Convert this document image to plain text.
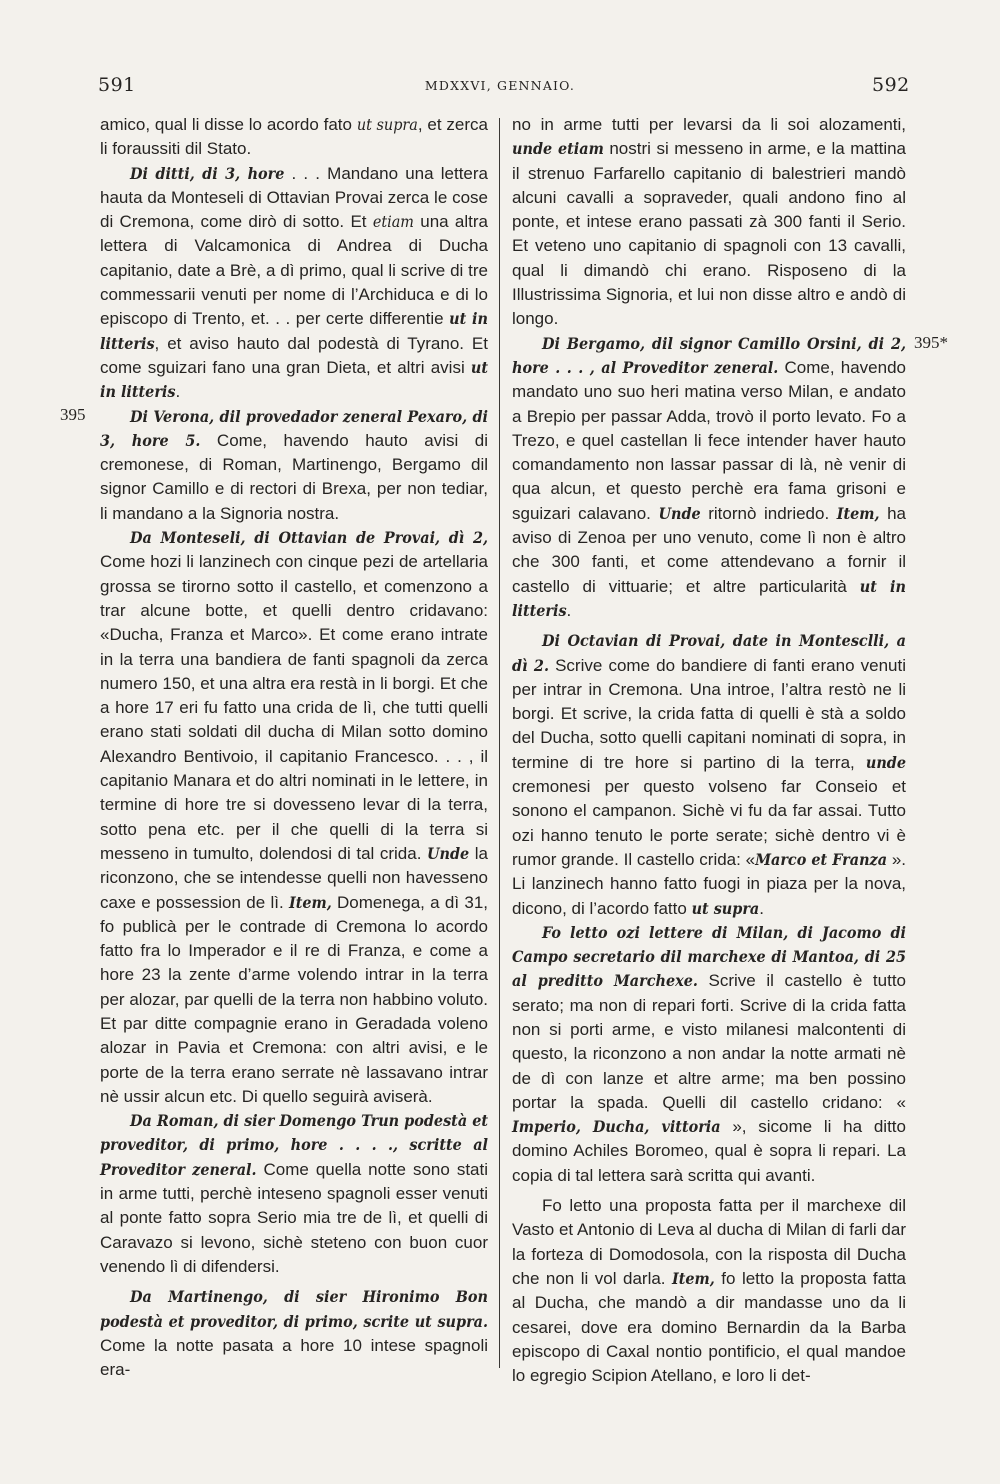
591	MDXXVI, GENNAIO.	592
395
395*

amico, qual li disse lo acordo fato ut supra, et zerca li foraussiti dil Stato.

Di ditti, di 3, hore . . . Mandano una lettera hauta da Monteseli di Ottavian Provai zerca le cose di Cremona, come dirò di sotto. Et etiam una altra lettera di Valcamonica di Andrea di Ducha capitanio, date a Brè, a dì primo, qual li scrive di tre commessarii venuti per nome di l’Archiduca e di lo episcopo di Trento, et. . . per certe differentie ut in litteris, et aviso hauto dal podestà di Tyrano. Et come sguizari fano una gran Dieta, et altri avisi ut in litteris.

Di Verona, dil provedador zeneral Pexaro, di 3, hore 5. Come, havendo hauto avisi di cremonese, di Roman, Martinengo, Bergamo dil signor Camillo e di rectori di Brexa, per non tediar, li mandano a la Signoria nostra.

Da Monteseli, di Ottavian de Provai, dì 2, Come hozi li lanzinech con cinque pezi de artellaria grossa se tirorno sotto il castello, et comenzono a trar alcune botte, et quelli dentro cridavano: «Ducha, Franza et Marco». Et come erano intrate in la terra una bandiera de fanti spagnoli da zerca numero 150, et una altra era restà in li borgi. Et che a hore 17 eri fu fatto una crida de lì, che tutti quelli erano stati soldati dil ducha di Milan sotto domino Alexandro Bentivoio, il capitanio Francesco. . . , il capitanio Manara et do altri nominati in le lettere, in termine di hore tre si dovesseno levar di la terra, sotto pena etc. per il che quelli di la terra si messeno in tumulto, dolendosi di tal crida. Unde la riconzono, che se intendesse quelli non havesseno caxe e possession de lì. Item, Domenega, a dì 31, fo publicà per le contrade di Cremona lo acordo fatto fra lo Imperador e il re di Franza, e come a hore 23 la zente d’arme volendo intrar in la terra per alozar, par quelli de la terra non habbino voluto. Et par ditte compagnie erano in Geradada voleno alozar in Pavia et Cremona: con altri avisi, e le porte de la terra erano serrate nè lassavano intrar nè ussir alcun etc. Di quello seguirà aviserà.

Da Roman, di sier Domengo Trun podestà et proveditor, di primo, hore . . . ., scritte al Proveditor zeneral. Come quella notte sono stati in arme tutti, perchè inteseno spagnoli esser venuti al ponte fatto sopra Serio mia tre de lì, et quelli di Caravazo si levono, sichè steteno con buon cuor venendo lì di difendersi.

Da Martinengo, di sier Hironimo Bon podestà et proveditor, di primo, scrite ut supra. Come la notte pasata a hore 10 intese spagnoli era-

no in arme tutti per levarsi da li soi alozamenti, unde etiam nostri si messeno in arme, e la mattina il strenuo Farfarello capitanio di balestrieri mandò alcuni cavalli a sopraveder, quali andono fino al ponte, et intese erano passati zà 300 fanti il Serio. Et veteno uno capitanio di spagnoli con 13 cavalli, qual li dimandò chi erano. Risposeno di la Illustrissima Signoria, et lui non disse altro e andò di longo.

Di Bergamo, dil signor Camillo Orsini, di 2, hore . . . , al Proveditor zeneral. Come, havendo mandato uno suo heri matina verso Milan, e andato a Brepio per passar Adda, trovò il porto levato. Fo a Trezo, e quel castellan li fece intender haver hauto comandamento non lassar passar di là, nè venir di qua alcun, et questo perchè era fama grisoni e sguizari calavano. Unde ritornò indriedo. Item, ha aviso di Zenoa per uno venuto, come lì non è altro che 300 fanti, et come attendevano a fornir il castello di vittuarie; et altre particularità ut in litteris.

Di Octavian di Provai, date in Montesclli, a dì 2. Scrive come do bandiere di fanti erano venuti per intrar in Cremona. Una introe, l’altra restò ne li borgi. Et scrive, la crida fatta di quelli è stà a soldo del Ducha, sotto quelli capitani nominati di sopra, in termine di tre hore si partino di la terra, unde cremonesi per questo volseno far Conseio et sonono el campanon. Sichè vi fu da far assai. Tutto ozi hanno tenuto le porte serate; sichè dentro vi è rumor grande. Il castello crida: «Marco et Franza ». Li lanzinech hanno fatto fuogi in piaza per la nova, dicono, di l’acordo fatto ut supra.

Fo letto ozi lettere di Milan, di Jacomo di Campo secretario dil marchexe di Mantoa, di 25 al preditto Marchexe. Scrive il castello è tutto serato; ma non di repari forti. Scrive di la crida fatta non si porti arme, e visto milanesi malcontenti di questo, la riconzono a non andar la notte armati nè de dì con lanze et altre arme; ma ben possino portar la spada. Quelli dil castello cridano: « Imperio, Ducha, vittoria », sicome li ha ditto domino Achiles Boromeo, qual è sopra li repari. La copia di tal lettera sarà scritta qui avanti.

Fo letto una proposta fatta per il marchexe dil Vasto et Antonio di Leva al ducha di Milan di farli dar la forteza di Domodosola, con la risposta dil Ducha che non li vol darla. Item, fo letto la proposta fatta al Ducha, che mandò a dir mandasse uno da li cesarei, dove era domino Bernardin da la Barba episcopo di Caxal nontio pontificio, el qual mandoe lo egregio Scipion Atellano, e loro li det-
